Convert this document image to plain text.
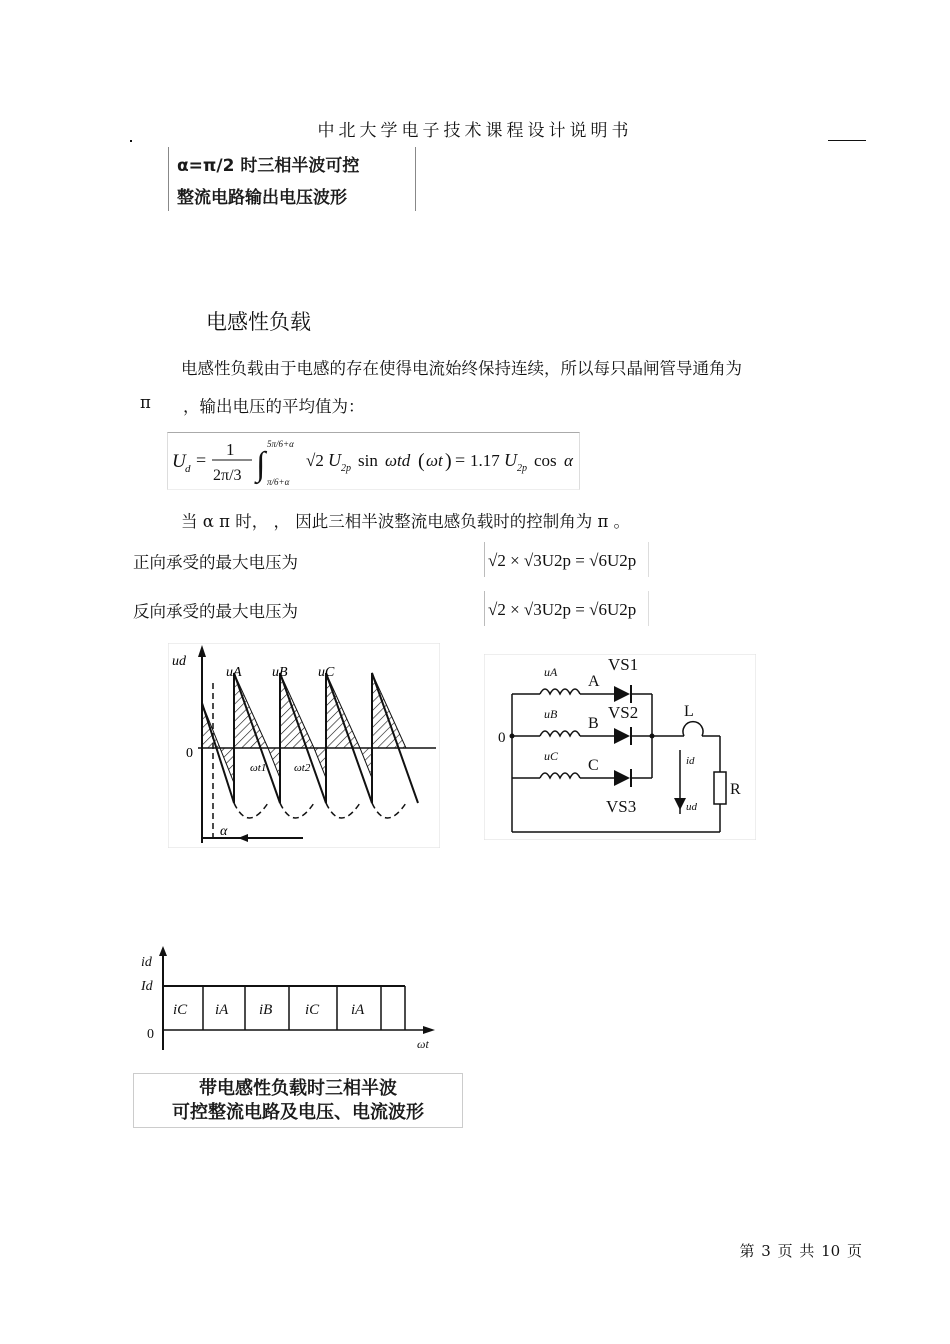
中北大学电子技术课程设计说明书
α=π/2 时三相半波可控
整流电路输出电压波形
电感性负载
电感性负载由于电感的存在使得电流始终保持连续，所以每只晶闸管导通角为
π ，输出电压的平均值为：
U d =
1
2π/3 ∫
5π/6+α
π/6+α
√2 U 2p sin ωtd ( ωt ) = 1.17 U 2p cos α
当 α π 时， ， 因此三相半波整流电感负载时的控制角为 π 。
正向承受的最大电压为	√2 × √3U2p = √6U2p
反向承受的最大电压为	√2 × √3U2p = √6U2p
ud
0
uA uB uC
ωt1	ωt2
α
0
uA
uB
uC
A
B
C
VS1
VS2
VS3
L
R
id
ud
id
Id
0
ωt
iC iA iB iC iA
带电感性负载时三相半波
可控整流电路及电压、电流波形
第 3 页 共 10 页
